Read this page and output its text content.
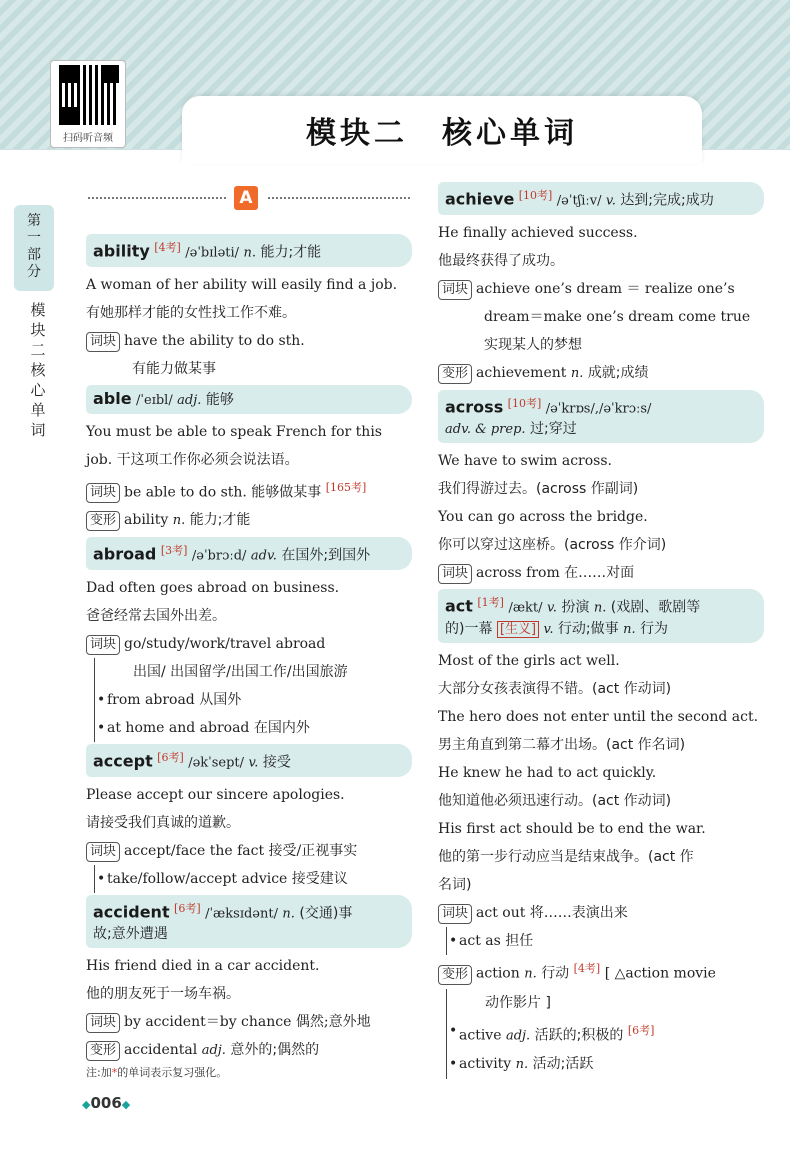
扫码听音频	模块二　核心单词
第一部分
模块二　核心单词
A
ability [4考] /əˈbɪləti/ n. 能力;才能
A woman of her ability will easily find a job.
有她那样才能的女性找工作不难。
词块 have the ability to do sth.
有能力做某事
able /ˈeɪbl/ adj. 能够
You must be able to speak French for this
job. 干这项工作你必须会说法语。
词块 be able to do sth. 能够做某事 [165考]
变形 ability n. 能力;才能
abroad [3考] /əˈbrɔːd/ adv. 在国外;到国外
Dad often goes abroad on business.
爸爸经常去国外出差。
词块 go/study/work/travel abroad
出国/ 出国留学/出国工作/出国旅游
• from abroad 从国外
• at home and abroad 在国内外
accept [6考] /əkˈsept/ v. 接受
Please accept our sincere apologies.
请接受我们真诚的道歉。
词块 accept/face the fact 接受/正视事实
• take/follow/accept advice 接受建议
accident [6考] /ˈæksɪdənt/ n. (交通)事
故;意外遭遇
His friend died in a car accident.
他的朋友死于一场车祸。
词块 by accident＝by chance 偶然;意外地
变形 accidental adj. 意外的;偶然的
achieve [10考] /əˈtʃiːv/ v. 达到;完成;成功
He finally achieved success.
他最终获得了成功。
词块 achieve one’s dream ＝ realize one’s
dream＝make one’s dream come true
实现某人的梦想
变形 achievement n. 成就;成绩
across [10考] /əˈkrɒs/,/əˈkrɔːs/
adv. & prep. 过;穿过
We have to swim across.
我们得游过去。(across 作副词)
You can go across the bridge.
你可以穿过这座桥。(across 作介词)
词块 across from 在……对面
act [1考] /ækt/ v. 扮演 n. (戏剧、歌剧等
的)一幕 [生义] v. 行动;做事 n. 行为
Most of the girls act well.
大部分女孩表演得不错。(act 作动词)
The hero does not enter until the second act.
男主角直到第二幕才出场。(act 作名词)
He knew he had to act quickly.
他知道他必须迅速行动。(act 作动词)
His first act should be to end the war.
他的第一步行动应当是结束战争。(act 作
名词)
词块 act out 将……表演出来
• act as 担任
变形 action n. 行动 [4考] [ △action movie
动作影片 ]
• active adj. 活跃的;积极的 [6考]
• activity n. 活动;活跃
注:加*的单词表示复习强化。
◆006◆
